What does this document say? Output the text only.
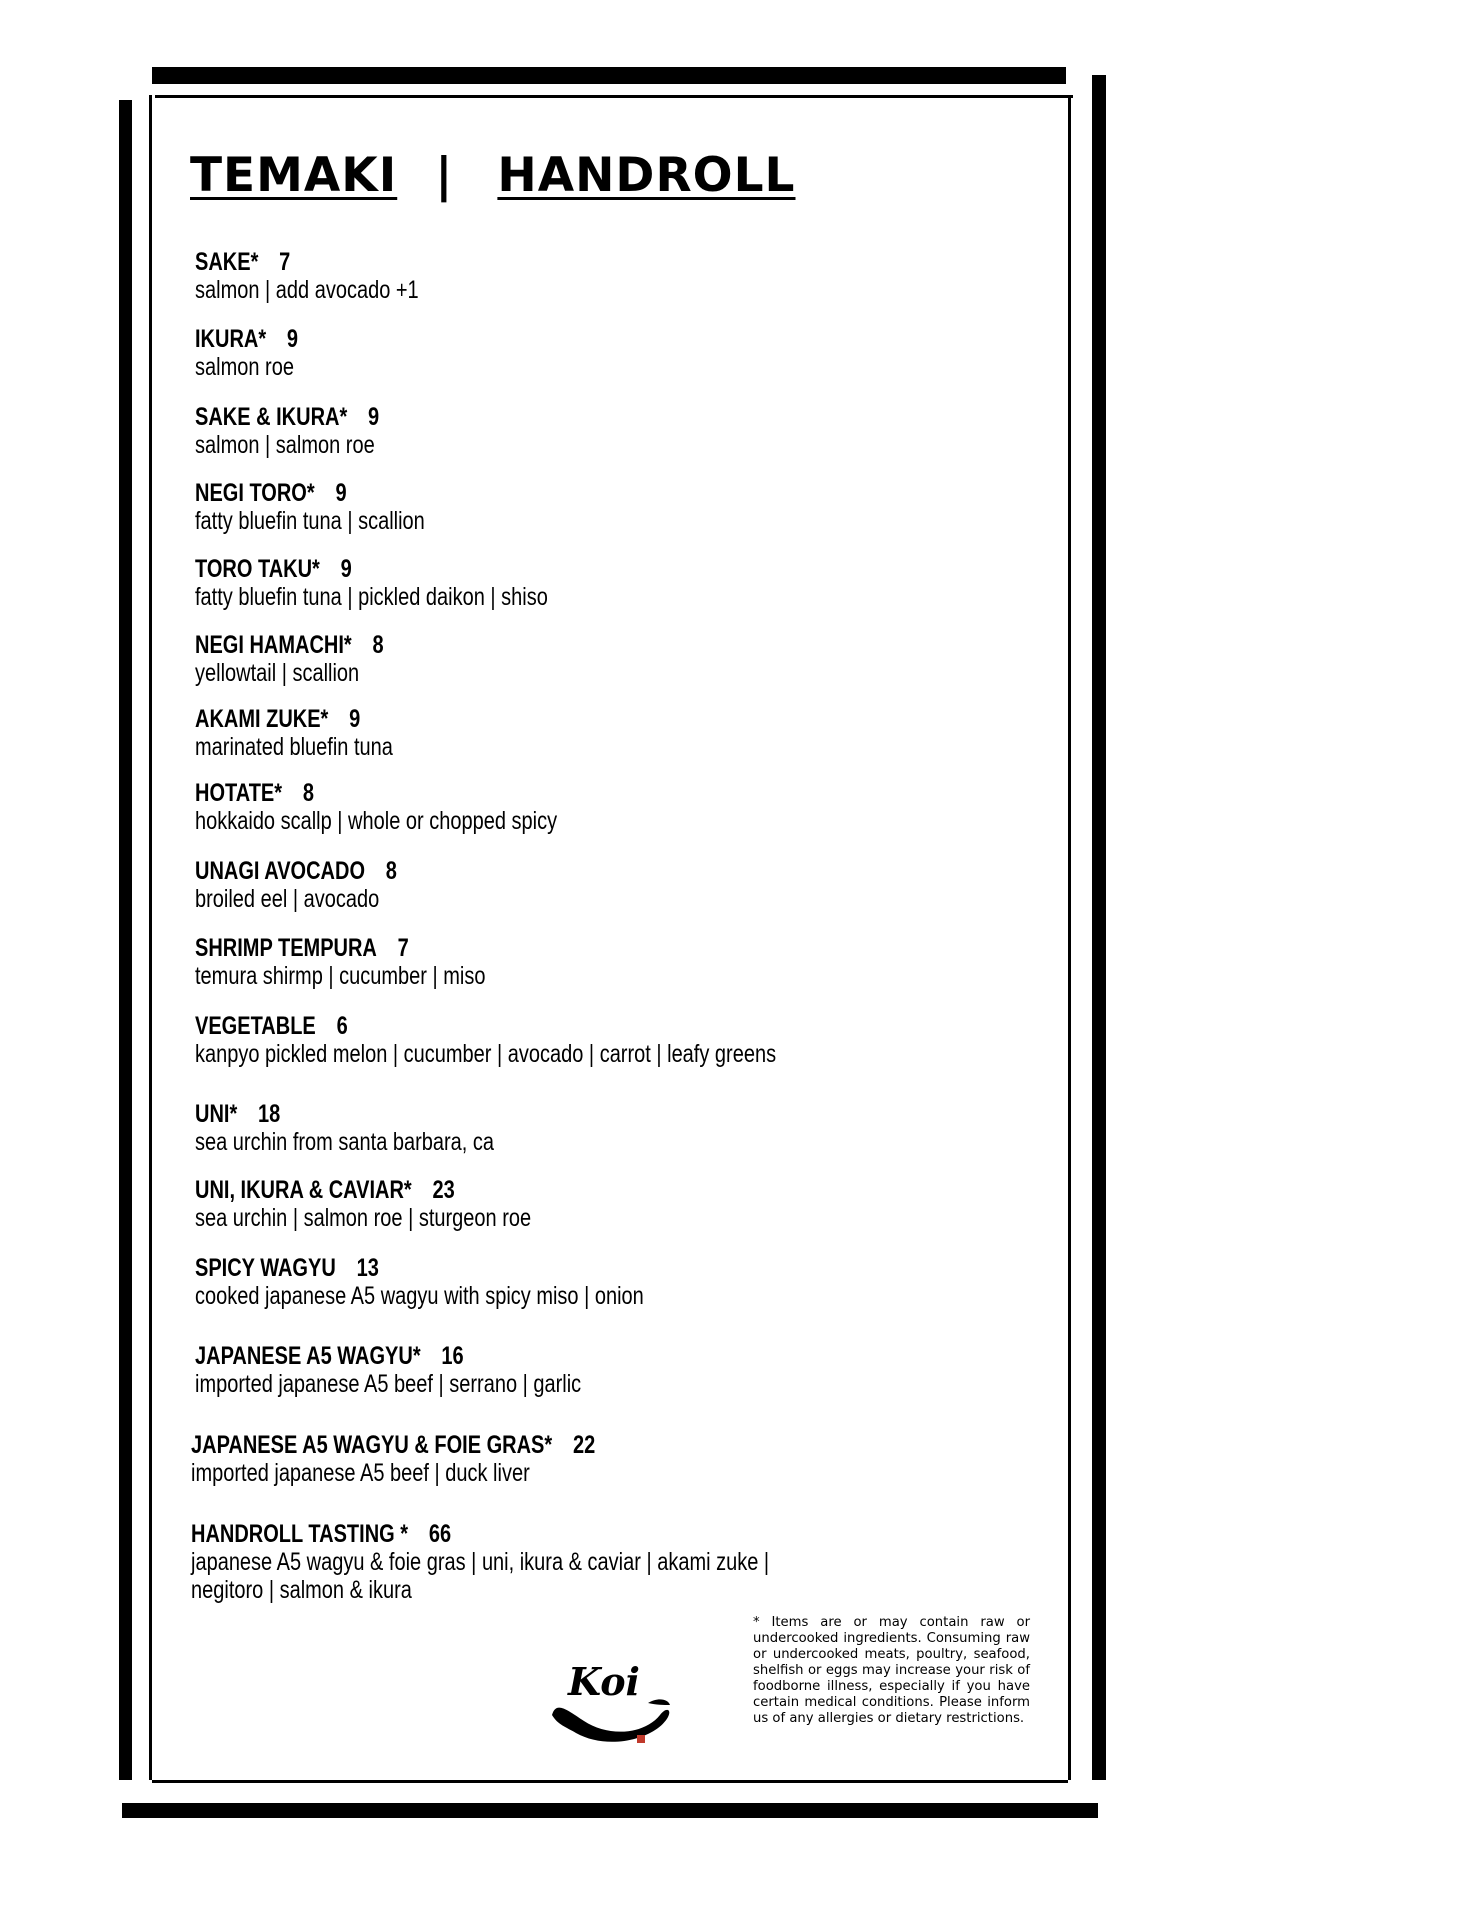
TEMAKI | HANDROLL
SAKE* 7
salmon | add avocado +1
IKURA* 9
salmon roe
SAKE & IKURA* 9
salmon | salmon roe
NEGI TORO* 9
fatty bluefin tuna | scallion
TORO TAKU* 9
fatty bluefin tuna | pickled daikon | shiso
NEGI HAMACHI* 8
yellowtail | scallion
AKAMI ZUKE* 9
marinated bluefin tuna
HOTATE* 8
hokkaido scallp | whole or chopped spicy
UNAGI AVOCADO 8
broiled eel | avocado
SHRIMP TEMPURA 7
temura shirmp | cucumber | miso
VEGETABLE 6
kanpyo pickled melon | cucumber | avocado | carrot | leafy greens
UNI* 18
sea urchin from santa barbara, ca
UNI, IKURA & CAVIAR* 23
sea urchin | salmon roe | sturgeon roe
SPICY WAGYU 13
cooked japanese A5 wagyu with spicy miso | onion
JAPANESE A5 WAGYU* 16
imported japanese A5 beef | serrano | garlic
JAPANESE A5 WAGYU & FOIE GRAS* 22
imported japanese A5 beef | duck liver
HANDROLL TASTING * 66
japanese A5 wagyu & foie gras | uni, ikura & caviar | akami zuke |
negitoro | salmon & ikura
Koi
* Items are or may contain raw or undercooked ingredients. Consuming raw or undercooked meats, poultry, seafood, shelfish or eggs may increase your risk of foodborne illness, especially if you have certain medical conditions. Please inform us of any allergies or dietary restrictions.
